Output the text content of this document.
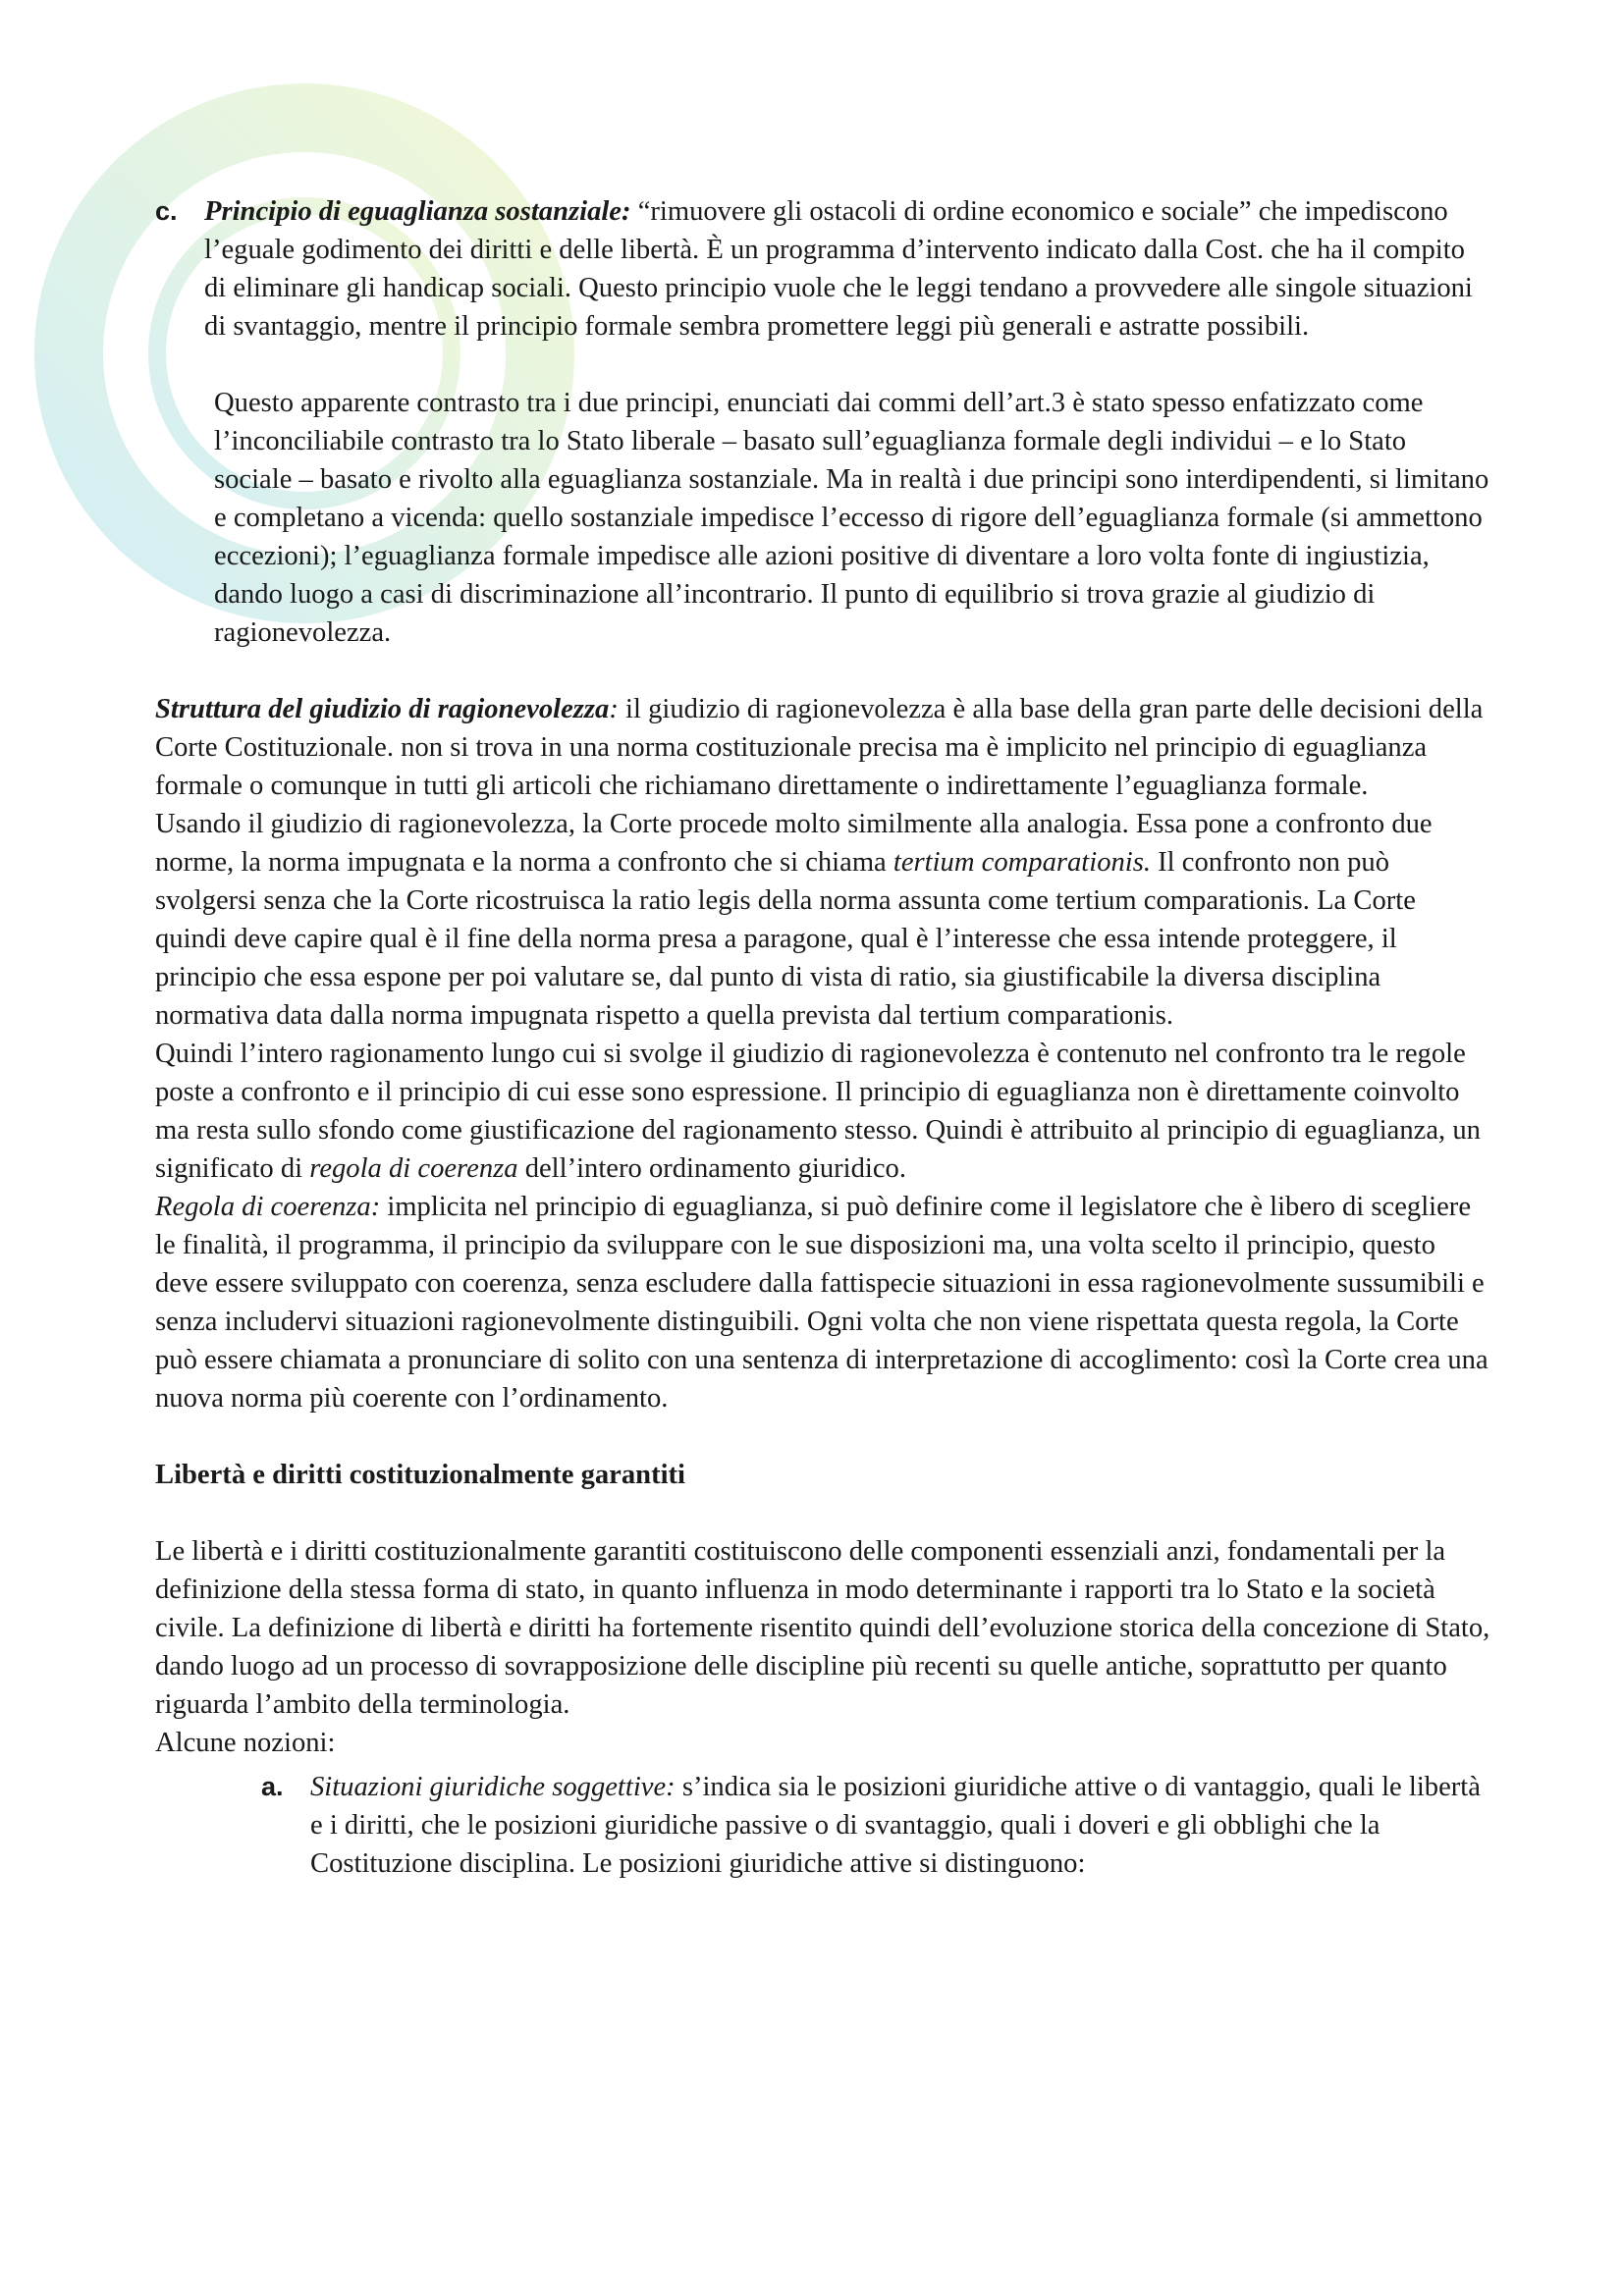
c. Principio di eguaglianza sostanziale: “rimuovere gli ostacoli di ordine economico e sociale” che impediscono l’eguale godimento dei diritti e delle libertà. È un programma d’intervento indicato dalla Cost. che ha il compito di eliminare gli handicap sociali. Questo principio vuole che le leggi tendano a provvedere alle singole situazioni di svantaggio, mentre il principio formale sembra promettere leggi più generali e astratte possibili.

Questo apparente contrasto tra i due principi, enunciati dai commi dell’art.3 è stato spesso enfatizzato come l’inconciliabile contrasto tra lo Stato liberale – basato sull’eguaglianza formale degli individui – e lo Stato sociale – basato e rivolto alla eguaglianza sostanziale. Ma in realtà i due principi sono interdipendenti, si limitano e completano a vicenda: quello sostanziale impedisce l’eccesso di rigore dell’eguaglianza formale (si ammettono eccezioni); l’eguaglianza formale impedisce alle azioni positive di diventare a loro volta fonte di ingiustizia, dando luogo a casi di discriminazione all’incontrario. Il punto di equilibrio si trova grazie al giudizio di ragionevolezza.

Struttura del giudizio di ragionevolezza: il giudizio di ragionevolezza è alla base della gran parte delle decisioni della Corte Costituzionale. non si trova in una norma costituzionale precisa ma è implicito nel principio di eguaglianza formale o comunque in tutti gli articoli che richiamano direttamente o indirettamente l’eguaglianza formale.

Usando il giudizio di ragionevolezza, la Corte procede molto similmente alla analogia. Essa pone a confronto due norme, la norma impugnata e la norma a confronto che si chiama tertium comparationis. Il confronto non può svolgersi senza che la Corte ricostruisca la ratio legis della norma assunta come tertium comparationis. La Corte quindi deve capire qual è il fine della norma presa a paragone, qual è l’interesse che essa intende proteggere, il principio che essa espone per poi valutare se, dal punto di vista di ratio, sia giustificabile la diversa disciplina normativa data dalla norma impugnata rispetto a quella prevista dal tertium comparationis.

Quindi l’intero ragionamento lungo cui si svolge il giudizio di ragionevolezza è contenuto nel confronto tra le regole poste a confronto e il principio di cui esse sono espressione. Il principio di eguaglianza non è direttamente coinvolto ma resta sullo sfondo come giustificazione del ragionamento stesso. Quindi è attribuito al principio di eguaglianza, un significato di regola di coerenza dell’intero ordinamento giuridico.

Regola di coerenza: implicita nel principio di eguaglianza, si può definire come il legislatore che è libero di scegliere le finalità, il programma, il principio da sviluppare con le sue disposizioni ma, una volta scelto il principio, questo deve essere sviluppato con coerenza, senza escludere dalla fattispecie situazioni in essa ragionevolmente sussumibili e senza includervi situazioni ragionevolmente distinguibili. Ogni volta che non viene rispettata questa regola, la Corte può essere chiamata a pronunciare di solito con una sentenza di interpretazione di accoglimento: così la Corte crea una nuova norma più coerente con l’ordinamento.

Libertà e diritti costituzionalmente garantiti

Le libertà e i diritti costituzionalmente garantiti costituiscono delle componenti essenziali anzi, fondamentali per la definizione della stessa forma di stato, in quanto influenza in modo determinante i rapporti tra lo Stato e la società civile. La definizione di libertà e diritti ha fortemente risentito quindi dell’evoluzione storica della concezione di Stato, dando luogo ad un processo di sovrapposizione delle discipline più recenti su quelle antiche, soprattutto per quanto riguarda l’ambito della terminologia.

Alcune nozioni:

a. Situazioni giuridiche soggettive: s’indica sia le posizioni giuridiche attive o di vantaggio, quali le libertà e i diritti, che le posizioni giuridiche passive o di svantaggio, quali i doveri e gli obblighi che la Costituzione disciplina. Le posizioni giuridiche attive si distinguono:
